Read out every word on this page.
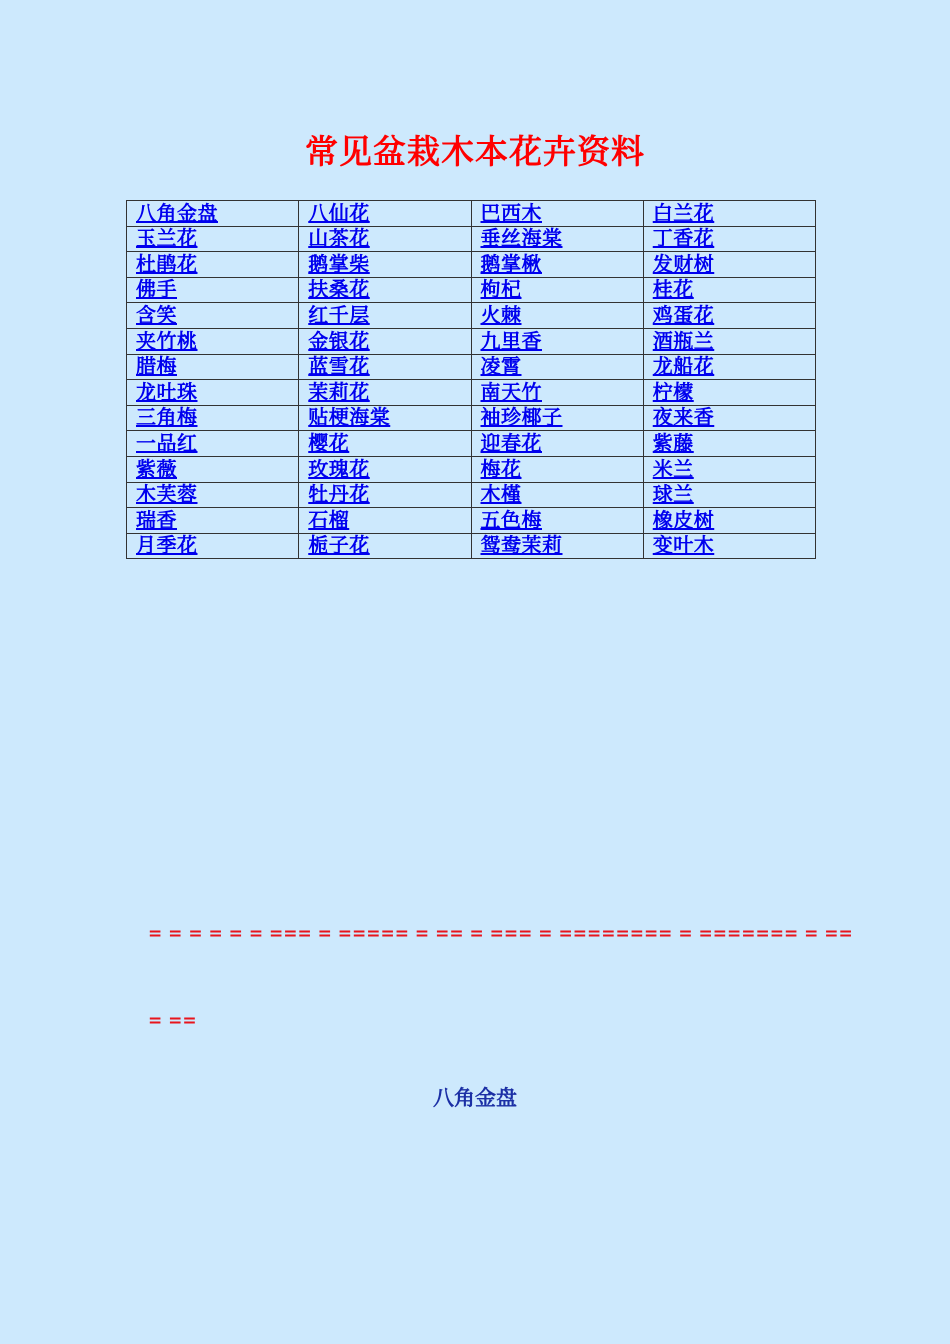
常见盆栽木本花卉资料
八角金盘	八仙花	巴西木	白兰花
玉兰花	山茶花	垂丝海棠	丁香花
杜鹃花	鹅掌柴	鹅掌楸	发财树
佛手	扶桑花	枸杞	桂花
含笑	红千层	火棘	鸡蛋花
夹竹桃	金银花	九里香	酒瓶兰
腊梅	蓝雪花	凌霄	龙船花
龙吐珠	茉莉花	南天竹	柠檬
三角梅	贴梗海棠	袖珍椰子	夜来香
一品红	樱花	迎春花	紫藤
紫薇	玫瑰花	梅花	米兰
木芙蓉	牡丹花	木槿	球兰
瑞香	石榴	五色梅	橡皮树
月季花	栀子花	鸳鸯茉莉	变叶木

= = = = = = === = ===== = == = === = ======== = ======= = ==

= ==

八角金盘
